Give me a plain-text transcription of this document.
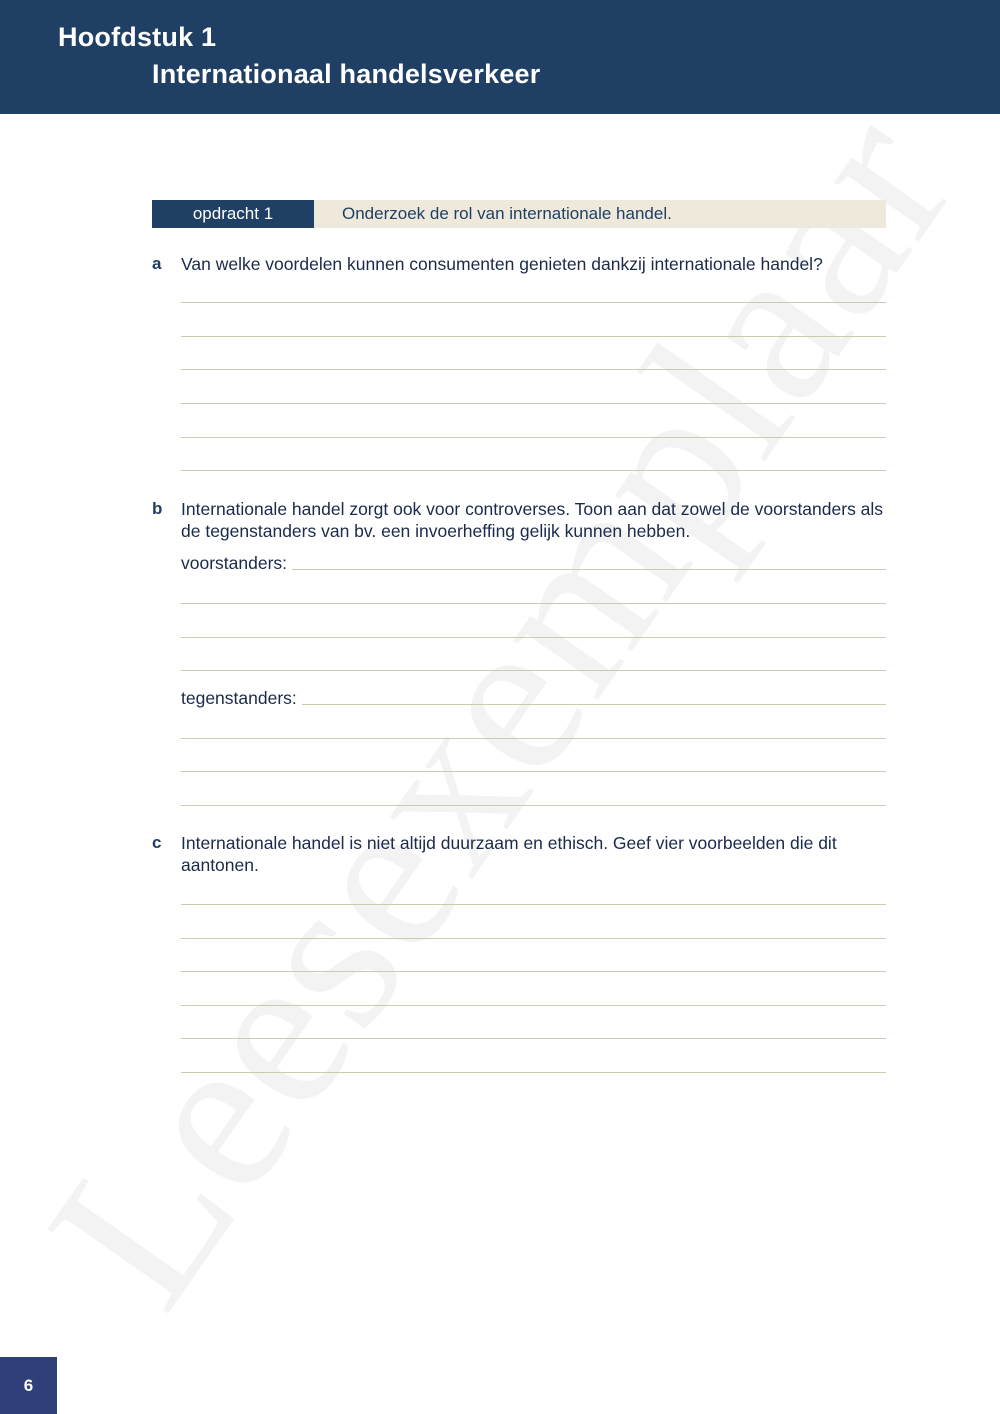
Hoofdstuk 1
Internationaal handelsverkeer
opdracht 1	Onderzoek de rol van internationale handel.
a Van welke voordelen kunnen consumenten genieten dankzij internationale handel?
b Internationale handel zorgt ook voor controverses. Toon aan dat zowel de voorstanders als de tegenstanders van bv. een invoerheffing gelijk kunnen hebben.
voorstanders:
tegenstanders:
c Internationale handel is niet altijd duurzaam en ethisch. Geef vier voorbeelden die dit aantonen.
6
